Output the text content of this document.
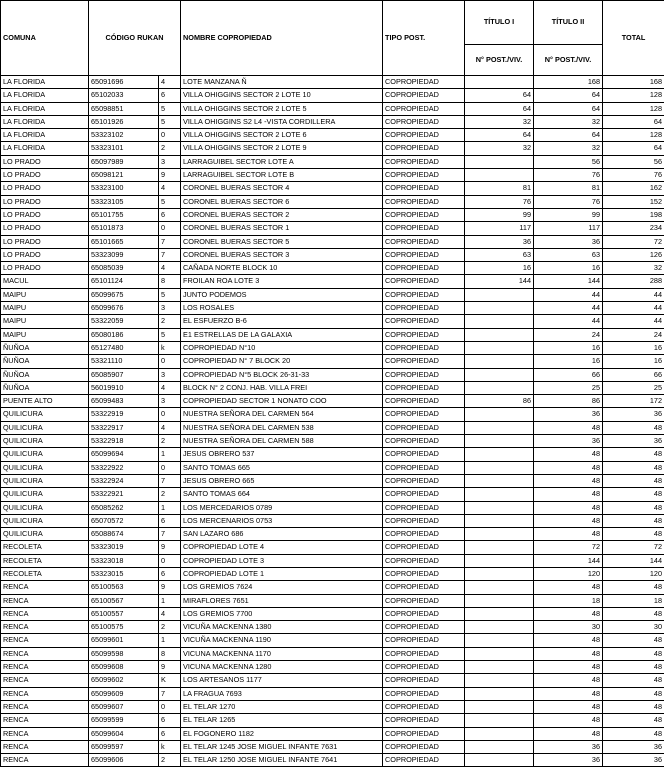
COMUNA	CÓDIGO RUKAN		NOMBRE COPROPIEDAD	TIPO POST.	TÍTULO I	TÍTULO II	TOTAL
					N° POST./VIV.	N° POST./VIV.	
LA FLORIDA	65091696	4	LOTE MANZANA Ñ	COPROPIEDAD		168	168
LA FLORIDA	65102033	6	VILLA OHIGGINS SECTOR 2 LOTE 10	COPROPIEDAD	64	64	128
LA FLORIDA	65098851	5	VILLA OHIGGINS SECTOR 2 LOTE 5	COPROPIEDAD	64	64	128
LA FLORIDA	65101926	5	VILLA OHIGGINS S2 L4 -VISTA CORDILLERA	COPROPIEDAD	32	32	64
LA FLORIDA	53323102	0	VILLA OHIGGINS SECTOR 2 LOTE 6	COPROPIEDAD	64	64	128
LA FLORIDA	53323101	2	VILLA OHIGGINS SECTOR 2 LOTE 9	COPROPIEDAD	32	32	64
LO PRADO	65097989	3	LARRAGUIBEL SECTOR LOTE A	COPROPIEDAD		56	56
LO PRADO	65098121	9	LARRAGUIBEL SECTOR LOTE B	COPROPIEDAD		76	76
LO PRADO	53323100	4	CORONEL BUERAS SECTOR 4	COPROPIEDAD	81	81	162
LO PRADO	53323105	5	CORONEL BUERAS SECTOR 6	COPROPIEDAD	76	76	152
LO PRADO	65101755	6	CORONEL BUERAS SECTOR 2	COPROPIEDAD	99	99	198
LO PRADO	65101873	0	CORONEL BUERAS SECTOR 1	COPROPIEDAD	117	117	234
LO PRADO	65101665	7	CORONEL BUERAS SECTOR 5	COPROPIEDAD	36	36	72
LO PRADO	53323099	7	CORONEL BUERAS SECTOR 3	COPROPIEDAD	63	63	126
LO PRADO	65085039	4	CAÑADA NORTE BLOCK 10	COPROPIEDAD	16	16	32
MACUL	65101124	8	FROILAN ROA LOTE 3	COPROPIEDAD	144	144	288
MAIPU	65099675	5	JUNTO PODEMOS	COPROPIEDAD		44	44
MAIPU	65099676	3	LOS ROSALES	COPROPIEDAD		44	44
MAIPU	53322059	2	EL ESFUERZO B-6	COPROPIEDAD		44	44
MAIPU	65080186	5	E1 ESTRELLAS DE LA GALAXIA	COPROPIEDAD		24	24
ÑUÑOA	65127480	k	COPROPIEDAD N°10	COPROPIEDAD		16	16
ÑUÑOA	53321110	0	COPROPIEDAD N° 7 BLOCK 20	COPROPIEDAD		16	16
ÑUÑOA	65085907	3	COPROPIEDAD N°5 BLOCK 26-31-33	COPROPIEDAD		66	66
ÑUÑOA	56019910	4	BLOCK N° 2 CONJ. HAB. VILLA FREI	COPROPIEDAD		25	25
PUENTE ALTO	65099483	3	COPROPIEDAD SECTOR 1 NONATO COO	COPROPIEDAD	86	86	172
QUILICURA	53322919	0	NUESTRA SEÑORA DEL CARMEN 564	COPROPIEDAD		36	36
QUILICURA	53322917	4	NUESTRA SEÑORA DEL CARMEN 538	COPROPIEDAD		48	48
QUILICURA	53322918	2	NUESTRA SEÑORA DEL CARMEN 588	COPROPIEDAD		36	36
QUILICURA	65099694	1	JESUS OBRERO 537	COPROPIEDAD		48	48
QUILICURA	53322922	0	SANTO TOMAS 665	COPROPIEDAD		48	48
QUILICURA	53322924	7	JESUS OBRERO 665	COPROPIEDAD		48	48
QUILICURA	53322921	2	SANTO TOMAS 664	COPROPIEDAD		48	48
QUILICURA	65085262	1	LOS MERCEDARIOS 0789	COPROPIEDAD		48	48
QUILICURA	65070572	6	LOS MERCENARIOS 0753	COPROPIEDAD		48	48
QUILICURA	65088674	7	SAN LAZARO 686	COPROPIEDAD		48	48
RECOLETA	53323019	9	COPROPIEDAD LOTE 4	COPROPIEDAD		72	72
RECOLETA	53323018	0	COPROPIEDAD LOTE 3	COPROPIEDAD		144	144
RECOLETA	53323015	6	COPROPIEDAD LOTE 1	COPROPIEDAD		120	120
RENCA	65100563	9	LOS GREMIOS 7624	COPROPIEDAD		48	48
RENCA	65100567	1	MIRAFLORES 7651	COPROPIEDAD		18	18
RENCA	65100557	4	LOS GREMIOS 7700	COPROPIEDAD		48	48
RENCA	65100575	2	VICUÑA MACKENNA 1380	COPROPIEDAD		30	30
RENCA	65099601	1	VICUÑA MACKENNA 1190	COPROPIEDAD		48	48
RENCA	65099598	8	VICUNA MACKENNA 1170	COPROPIEDAD		48	48
RENCA	65099608	9	VICUNA MACKENNA 1280	COPROPIEDAD		48	48
RENCA	65099602	K	LOS ARTESANOS 1177	COPROPIEDAD		48	48
RENCA	65099609	7	LA FRAGUA 7693	COPROPIEDAD		48	48
RENCA	65099607	0	EL TELAR 1270	COPROPIEDAD		48	48
RENCA	65099599	6	EL TELAR 1265	COPROPIEDAD		48	48
RENCA	65099604	6	EL FOGONERO 1182	COPROPIEDAD		48	48
RENCA	65099597	k	EL TELAR 1245 JOSE MIGUEL INFANTE 7631	COPROPIEDAD		36	36
RENCA	65099606	2	EL TELAR 1250 JOSE MIGUEL INFANTE 7641	COPROPIEDAD		36	36
